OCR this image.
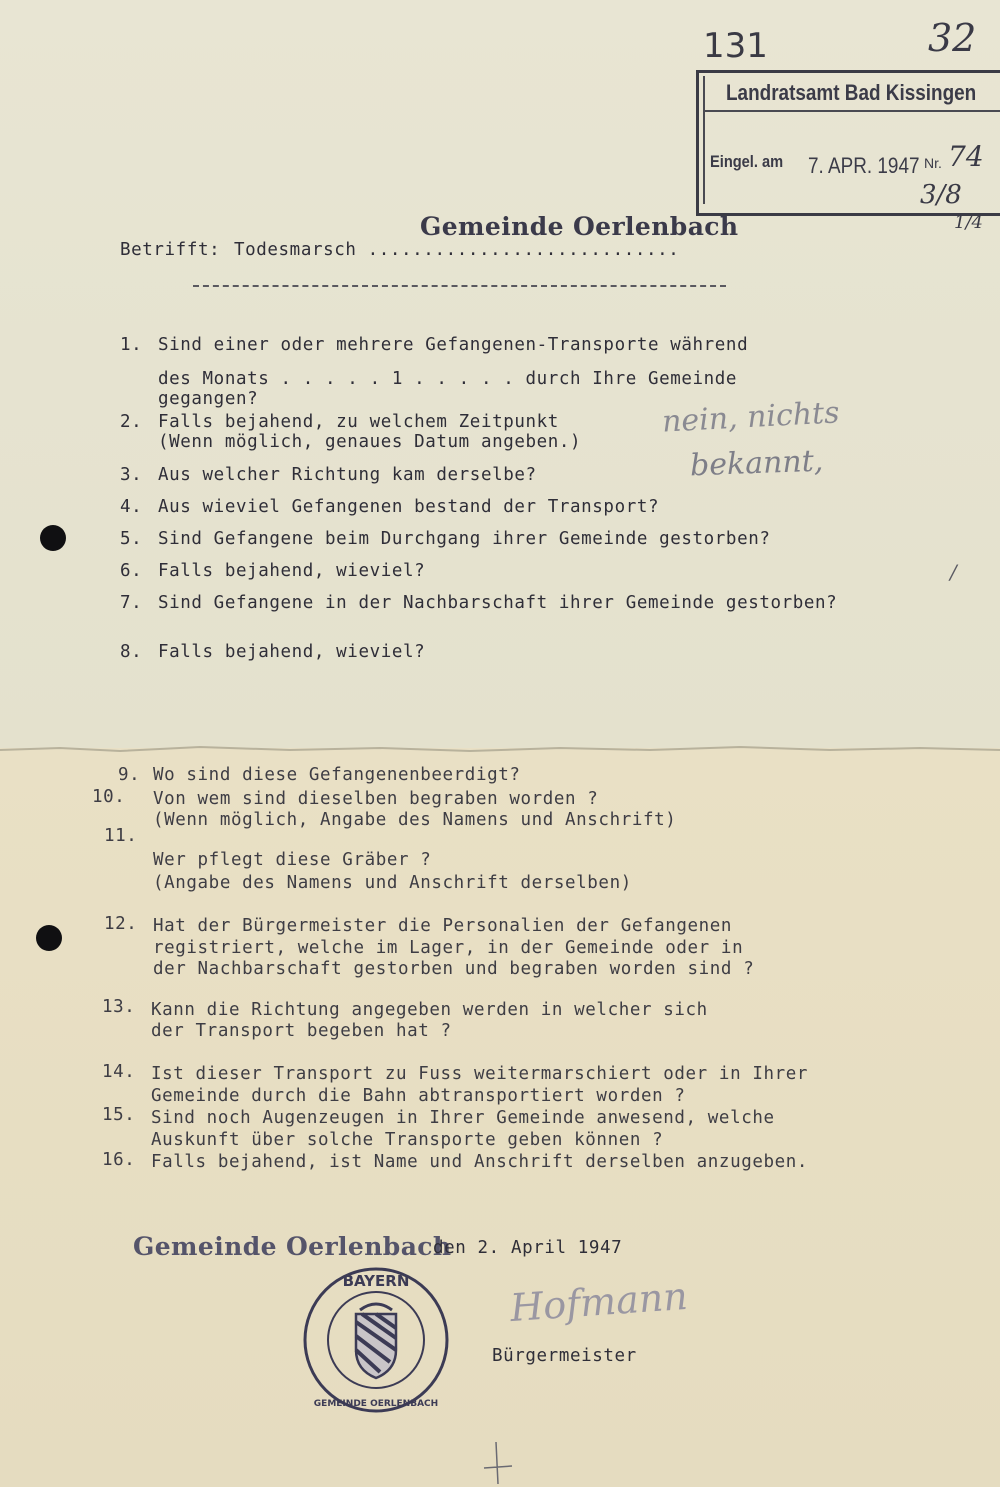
131	32
Landratsamt Bad Kissingen
Eingel. am 7. APR. 1947 Nr. 74
3/8
1/4
Gemeinde Oerlenbach
Betrifft: Todesmarsch ............................
1. Sind einer oder mehrere Gefangenen-Transporte während
des Monats . . . . . 1 . . . . . durch Ihre Gemeinde
gegangen?
2. Falls bejahend, zu welchem Zeitpunkt
(Wenn möglich, genaues Datum angeben.)
3. Aus welcher Richtung kam derselbe?
4. Aus wieviel Gefangenen bestand der Transport?
5. Sind Gefangene beim Durchgang ihrer Gemeinde gestorben?
6. Falls bejahend, wieviel?
7. Sind Gefangene in der Nachbarschaft ihrer Gemeinde gestorben?
8. Falls bejahend, wieviel?
nein, nichts
bekannt,
/
9. Wo sind diese Gefangenenbeerdigt?
10. Von wem sind dieselben begraben worden ?
(Wenn möglich, Angabe des Namens und Anschrift)
11.
Wer pflegt diese Gräber ?
(Angabe des Namens und Anschrift derselben)
12. Hat der Bürgermeister die Personalien der Gefangenen
registriert, welche im Lager, in der Gemeinde oder in
der Nachbarschaft gestorben und begraben worden sind ?
13. Kann die Richtung angegeben werden in welcher sich
der Transport begeben hat ?
14. Ist dieser Transport zu Fuss weitermarschiert oder in Ihrer
Gemeinde durch die Bahn abtransportiert worden ?
15. Sind noch Augenzeugen in Ihrer Gemeinde anwesend, welche
Auskunft über solche Transporte geben können ?
16. Falls bejahend, ist Name und Anschrift derselben anzugeben.
Gemeinde Oerlenbach
den 2. April 1947
Hofmann
Bürgermeister
BAYERN
GEMEINDE OERLENBACH
